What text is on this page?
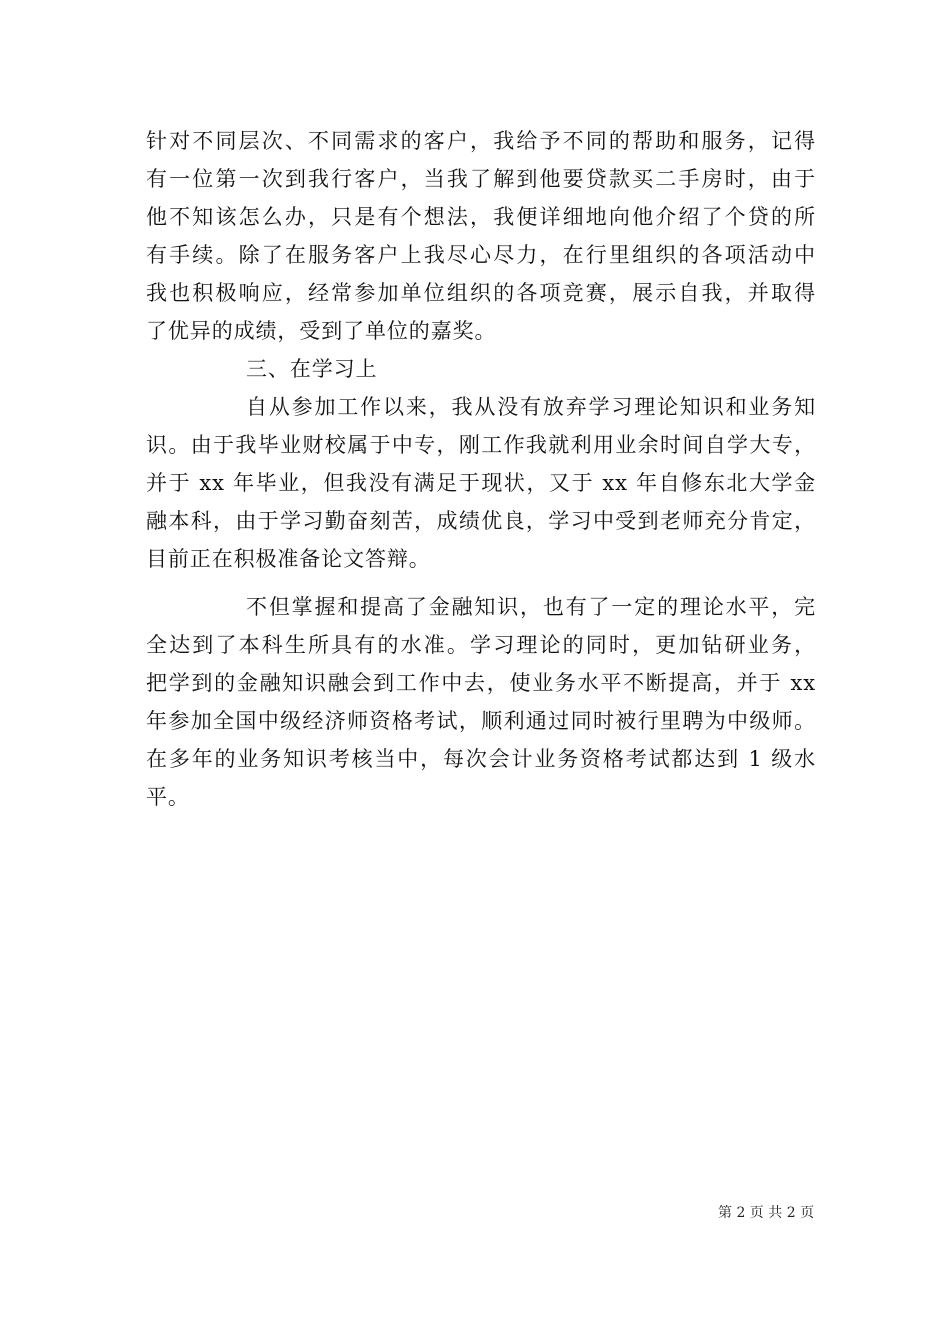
针对不同层次、不同需求的客户，我给予不同的帮助和服务，记得
有一位第一次到我行客户，当我了解到他要贷款买二手房时，由于
他不知该怎么办，只是有个想法，我便详细地向他介绍了个贷的所
有手续。除了在服务客户上我尽心尽力，在行里组织的各项活动中
我也积极响应，经常参加单位组织的各项竞赛，展示自我，并取得
了优异的成绩，受到了单位的嘉奖。
三、在学习上
自从参加工作以来，我从没有放弃学习理论知识和业务知
识。由于我毕业财校属于中专，刚工作我就利用业余时间自学大专，
并于 xx 年毕业，但我没有满足于现状，又于 xx 年自修东北大学金
融本科，由于学习勤奋刻苦，成绩优良，学习中受到老师充分肯定，
目前正在积极准备论文答辩。
不但掌握和提高了金融知识，也有了一定的理论水平，完
全达到了本科生所具有的水准。学习理论的同时，更加钻研业务，
把学到的金融知识融会到工作中去，使业务水平不断提高，并于 xx
年参加全国中级经济师资格考试，顺利通过同时被行里聘为中级师。
在多年的业务知识考核当中，每次会计业务资格考试都达到 1 级水
平。
第 2 页 共 2 页
